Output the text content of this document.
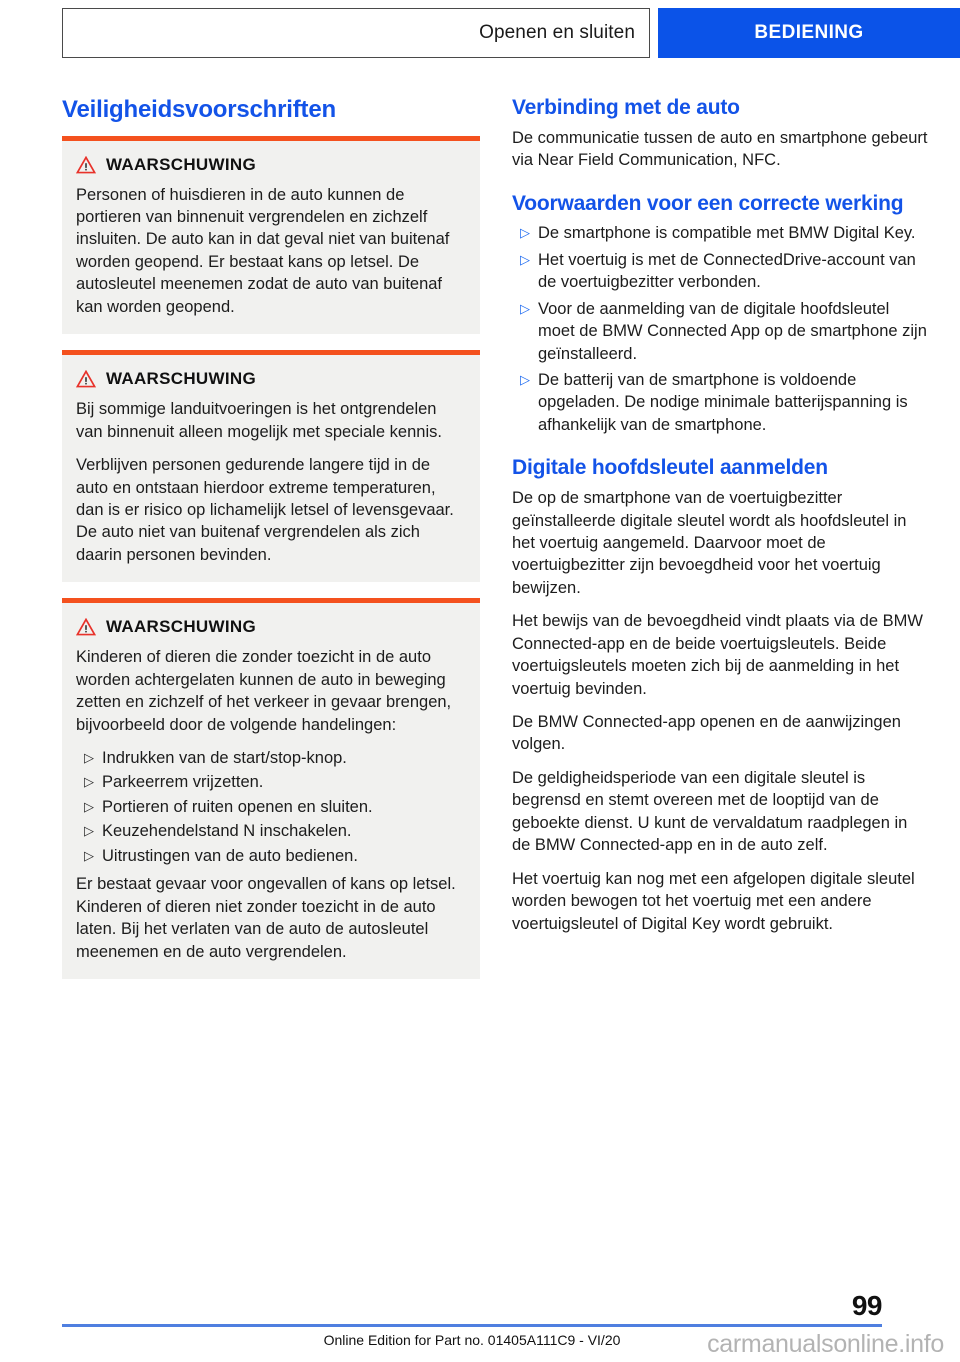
Openen en sluiten	BEDIENING
Veiligheidsvoorschriften
WAARSCHUWING

Personen of huisdieren in de auto kunnen de portieren van binnenuit vergrendelen en zichzelf insluiten. De auto kan in dat geval niet van buitenaf worden geopend. Er bestaat kans op letsel. De autosleutel meenemen zodat de auto van buitenaf kan worden geopend.

WAARSCHUWING

Bij sommige landuitvoeringen is het ontgrendelen van binnenuit alleen mogelijk met speciale kennis.

Verblijven personen gedurende langere tijd in de auto en ontstaan hierdoor extreme temperaturen, dan is er risico op lichamelijk letsel of levensgevaar. De auto niet van buitenaf vergrendelen als zich daarin personen bevinden.

WAARSCHUWING

Kinderen of dieren die zonder toezicht in de auto worden achtergelaten kunnen de auto in beweging zetten en zichzelf of het verkeer in gevaar brengen, bijvoorbeeld door de volgende handelingen:

▷ Indrukken van de start/stop-knop.
▷ Parkeerrem vrijzetten.
▷ Portieren of ruiten openen en sluiten.
▷ Keuzehendelstand N inschakelen.
▷ Uitrustingen van de auto bedienen.

Er bestaat gevaar voor ongevallen of kans op letsel. Kinderen of dieren niet zonder toezicht in de auto laten. Bij het verlaten van de auto de autosleutel meenemen en de auto vergrendelen.

Verbinding met de auto

De communicatie tussen de auto en smartphone gebeurt via Near Field Communication, NFC.

Voorwaarden voor een correcte werking
▷ De smartphone is compatible met BMW Digital Key.
▷ Het voertuig is met de ConnectedDrive-account van de voertuigbezitter verbonden.
▷ Voor de aanmelding van de digitale hoofdsleutel moet de BMW Connected App op de smartphone zijn geïnstalleerd.
▷ De batterij van de smartphone is voldoende opgeladen. De nodige minimale batterijspanning is afhankelijk van de smartphone.
Digitale hoofdsleutel aanmelden

De op de smartphone van de voertuigbezitter geïnstalleerde digitale sleutel wordt als hoofdsleutel in het voertuig aangemeld. Daarvoor moet de voertuigbezitter zijn bevoegdheid voor het voertuig bewijzen.

Het bewijs van de bevoegdheid vindt plaats via de BMW Connected-app en de beide voertuigsleutels. Beide voertuigsleutels moeten zich bij de aanmelding in het voertuig bevinden.

De BMW Connected-app openen en de aanwijzingen volgen.

De geldigheidsperiode van een digitale sleutel is begrensd en stemt overeen met de looptijd van de geboekte dienst. U kunt de vervaldatum raadplegen in de BMW Connected-app en in de auto zelf.

Het voertuig kan nog met een afgelopen digitale sleutel worden bewogen tot het voertuig met een andere voertuigsleutel of Digital Key wordt gebruikt.

99
Online Edition for Part no. 01405A111C9 - VI/20	carmanualsonline.info
